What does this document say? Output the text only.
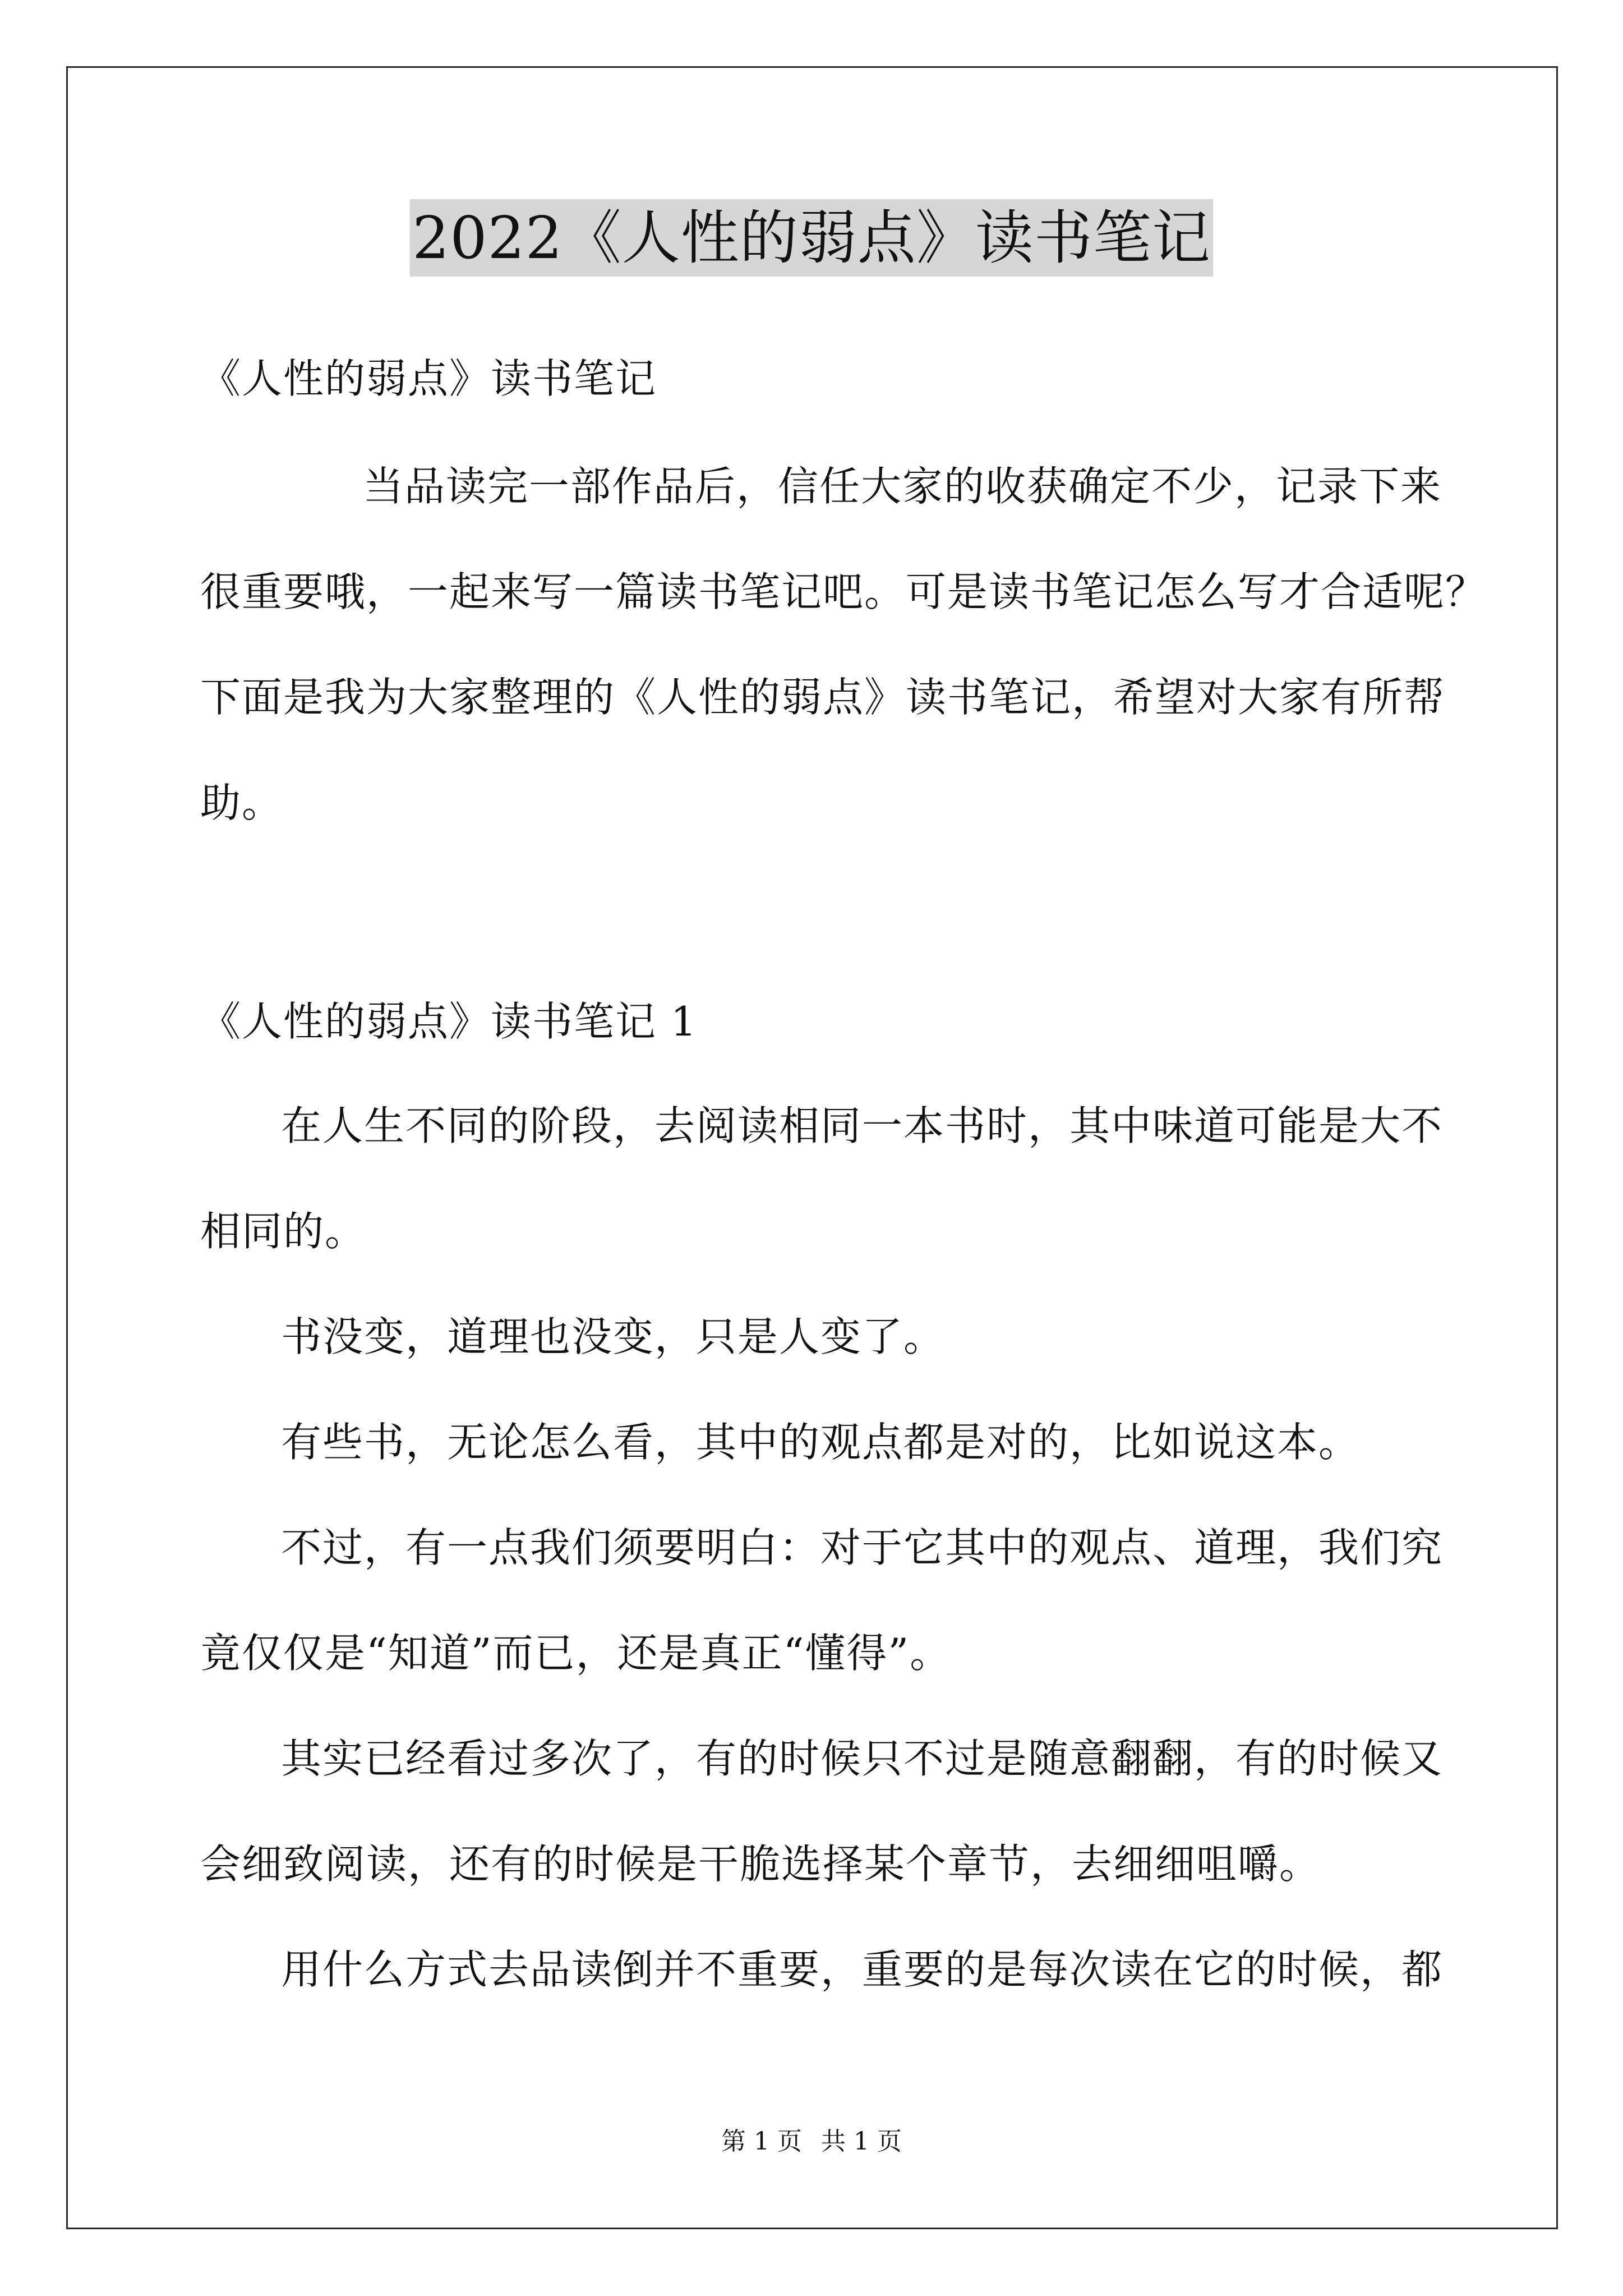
2022《人性的弱点》读书笔记
《人性的弱点》读书笔记
当品读完一部作品后，信任大家的收获确定不少，记录下来
很重要哦，一起来写一篇读书笔记吧。可是读书笔记怎么写才合适呢？
下面是我为大家整理的《人性的弱点》读书笔记，希望对大家有所帮
助。
《人性的弱点》读书笔记 1
在人生不同的阶段，去阅读相同一本书时，其中味道可能是大不
相同的。
书没变，道理也没变，只是人变了。
有些书，无论怎么看，其中的观点都是对的，比如说这本。
不过，有一点我们须要明白：对于它其中的观点、道理，我们究
竟仅仅是“知道”而已，还是真正“懂得”。
其实已经看过多次了，有的时候只不过是随意翻翻，有的时候又
会细致阅读，还有的时候是干脆选择某个章节，去细细咀嚼。
用什么方式去品读倒并不重要，重要的是每次读在它的时候，都
第 1 页 共 1 页
